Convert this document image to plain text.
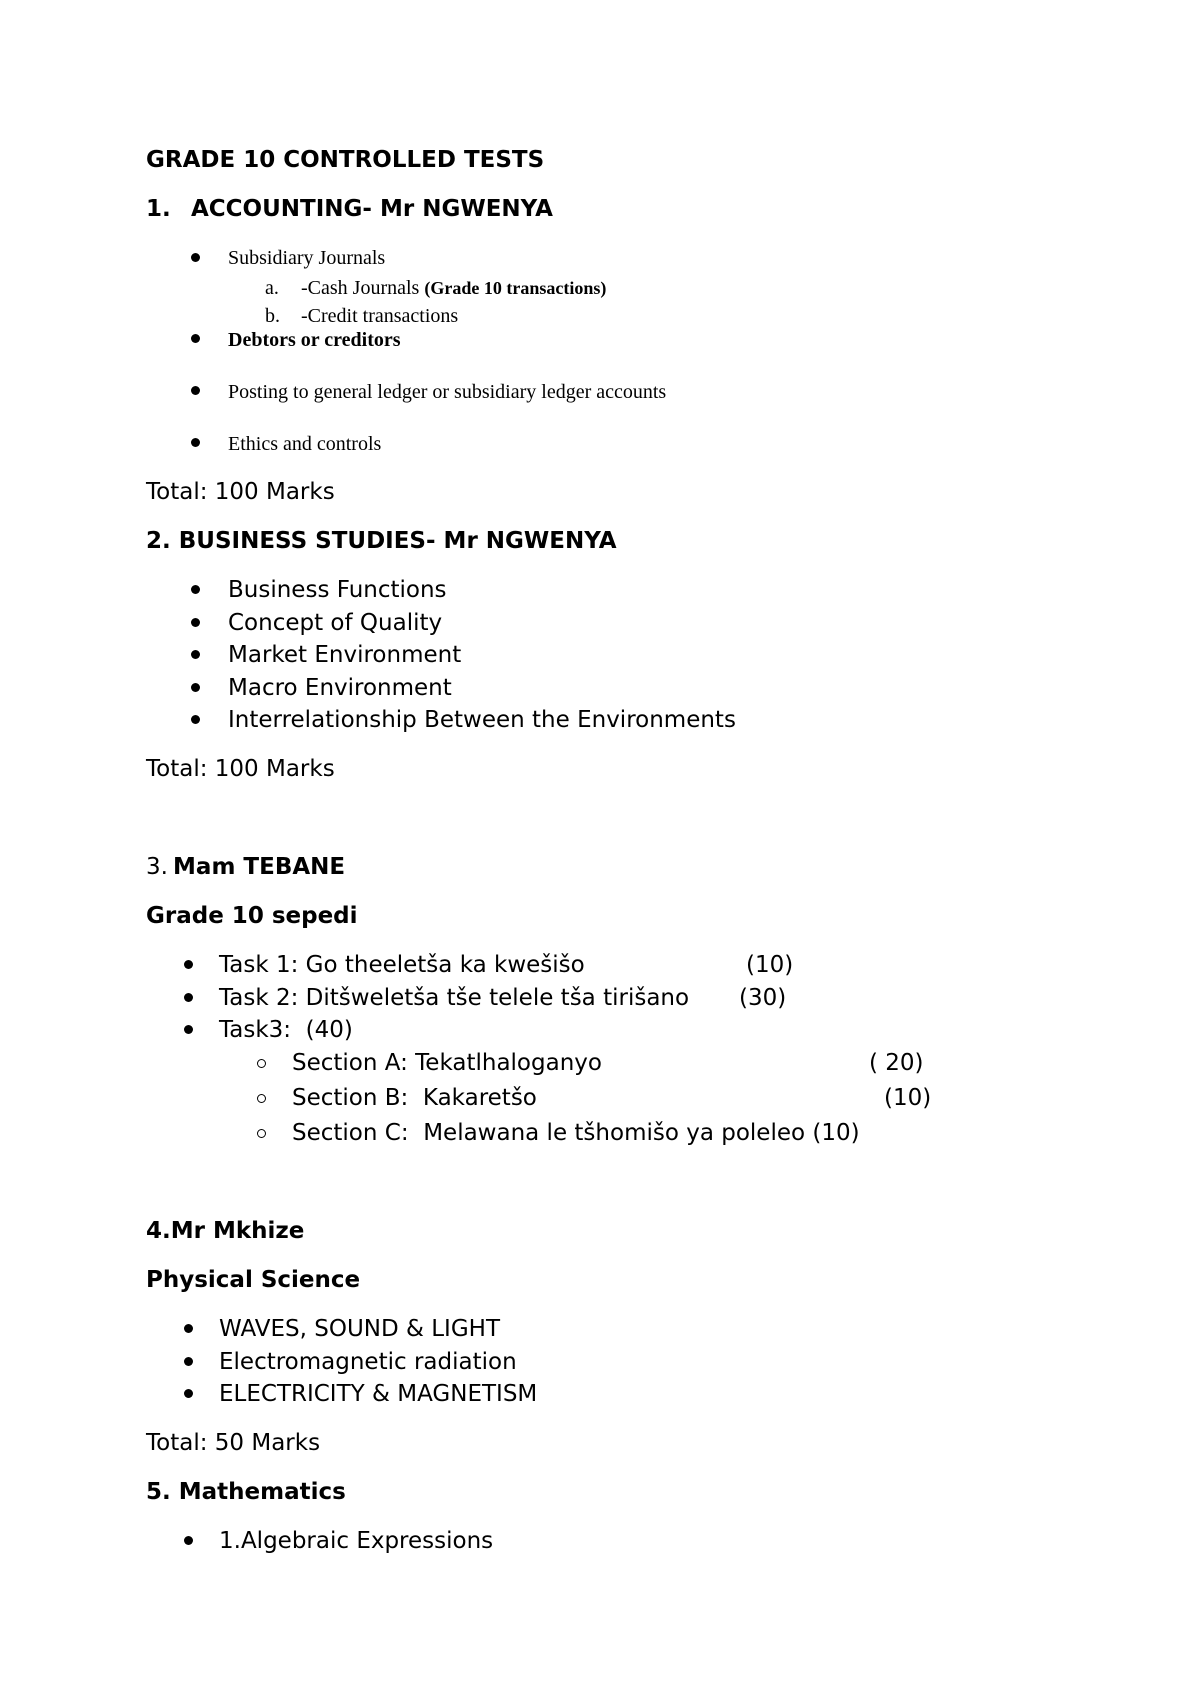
GRADE 10 CONTROLLED TESTS
1. ACCOUNTING- Mr NGWENYA
Subsidiary Journals
a. -Cash Journals (Grade 10 transactions)
b. -Credit transactions
Debtors or creditors
Posting to general ledger or subsidiary ledger accounts
Ethics and controls
Total: 100 Marks
2. BUSINESS STUDIES- Mr NGWENYA
Business Functions
Concept of Quality
Market Environment
Macro Environment
Interrelationship Between the Environments
Total: 100 Marks
3. Mam TEBANE
Grade 10 sepedi
Task 1: Go theeletša ka kwešišo	(10)
Task 2: Ditšweletša tše telele tša tirišano (30)
Task3:  (40)
Section A: Tekatlhaloganyo	( 20)
Section B:  Kakaretšo	(10)
Section C:  Melawana le tšhomišo ya poleleo (10)
4.Mr Mkhize
Physical Science
WAVES, SOUND & LIGHT
Electromagnetic radiation
ELECTRICITY & MAGNETISM
Total: 50 Marks
5. Mathematics
1.Algebraic Expressions
